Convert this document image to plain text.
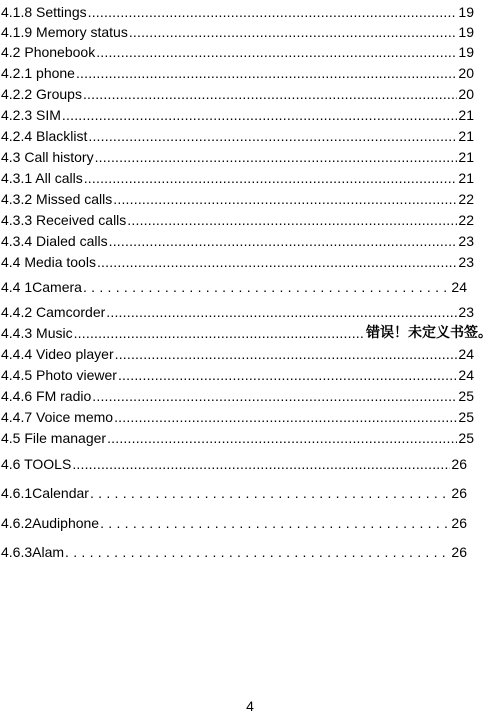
4.1.8 Settings .....	19
4.1.9 Memory status .....	19
4.2 Phonebook .....	19
4.2.1 phone .....	20
4.2.2 Groups .....	20
4.2.3 SIM .....	21
4.2.4 Blacklist .....	21
4.3 Call history .....	21
4.3.1 All calls .....	21
4.3.2 Missed calls .....	22
4.3.3 Received calls .....	22
4.3.4 Dialed calls .....	23
4.4 Media tools .....	23
4.4 1Camera .....	24
4.4.2 Camcorder .....	23
4.4.3 Music .....	错误！未定义书签。
4.4.4 Video player .....	24
4.4.5 Photo viewer .....	24
4.4.6 FM radio .....	25
4.4.7 Voice memo .....	25
4.5 File manager .....	25
4.6 TOOLS .....	26
4.6.1Calendar .....	26
4.6.2Audiphone .....	26
4.6.3Alam .....	26
4
